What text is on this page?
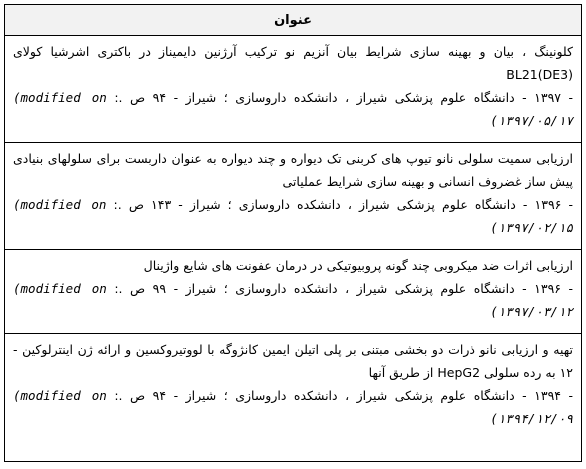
عنوان
کلونینگ ، بیان و بهینه سازی شرایط بیان آنزیم نو ترکیب آرژنین دایمیناز در باکتری اشرشیا کولای (DE3)BL21
- ۱۳۹۷ - دانشگاه علوم پزشکی شیراز ، دانشکده داروسازی ؛ شیراز - ۹۴ ص .: (modified on ۱۳۹۷/۰۵/۱۷)
ارزیابی سمیت سلولی نانو تیوپ های کربنی تک دیواره و چند دیواره به عنوان داربست برای سلولهای بنیادی پیش ساز غضروف انسانی و بهینه سازی شرایط عملیاتی
- ۱۳۹۶ - دانشگاه علوم پزشکی شیراز ، دانشکده داروسازی ؛ شیراز - ۱۴۳ ص .: (modified on ۱۳۹۷/۰۲/۱۵)
ارزیابی اثرات ضد میکروبی چند گونه پروبیوتیکی در درمان عفونت های شایع واژینال
- ۱۳۹۶ - دانشگاه علوم پزشکی شیراز ، دانشکده داروسازی ؛ شیراز - ۹۹ ص .: (modified on ۱۳۹۷/۰۳/۱۲)
تهیه و ارزیابی نانو ذرات دو بخشی مبتنی بر پلی اتیلن ایمین کانژوگه با لووتیروکسین و ارائه ژن اینترلوکین - ۱۲ به رده سلولی HepG2 از طریق آنها
- ۱۳۹۴ - دانشگاه علوم پزشکی شیراز ، دانشکده داروسازی ؛ شیراز - ۹۴ ص .: (modified on ۱۳۹۴/۱۲/۰۹)
